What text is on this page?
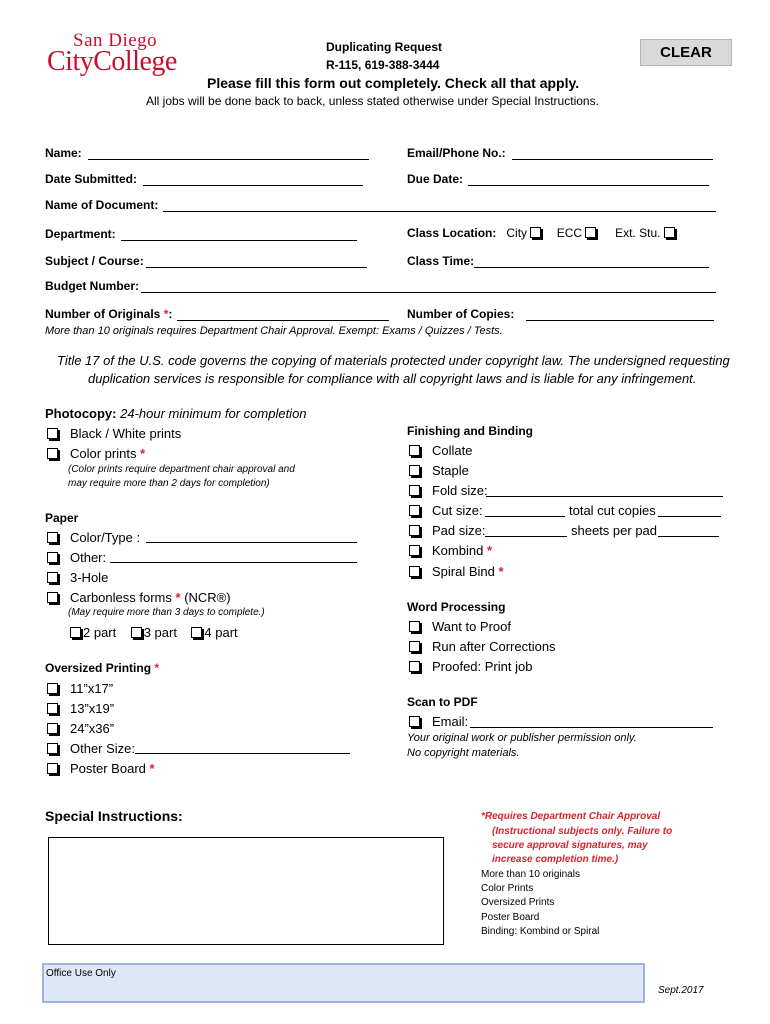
San Diego
CityCollege	Duplicating Request
R-115, 619-388-3444
Please fill this form out completely. Check all that apply.
All jobs will be done back to back, unless stated otherwise under Special Instructions.
CLEAR
Name:	Email/Phone No.:
Date Submitted:	Due Date:
Name of Document:
Department:	Class Location: City ECC	Ext. Stu.
Subject / Course:	Class Time:
Budget Number:
Number of Originals *:	Number of Copies:
More than 10 originals requires Department Chair Approval. Exempt: Exams / Quizzes / Tests.
Title 17 of the U.S. code governs the copying of materials protected under copyright law. The undersigned requesting
duplication services is responsible for compliance with all copyright laws and is liable for any infringement.
Photocopy: 24-hour minimum for completion
Black / White prints
Color prints
*
(Color prints require department chair approval and
may require more than 2 days for completion)
Paper
Color/Type :
Other:
3-Hole
Carbonless forms
*
(NCR®)
(May require more than 3 days to complete.)
2 part 3 part 4 part
Oversized Printing *
11”x17”
13”x19”
24”x36”
Other Size:
Poster Board
*
Finishing and Binding
Collate
Staple
Fold size:
Cut size:	total cut copies
Pad size:	sheets per pad
Kombind
*
Spiral Bind
*
Word Processing
Want to Proof
Run after Corrections
Proofed: Print job
Scan to PDF
Email:
Your original work or publisher permission only.
No copyright materials.
Special Instructions:	*Requires Department Chair Approval
(Instructional subjects only. Failure to
secure approval signatures, may
increase completion time.)
More than 10 originals
Color Prints
Oversized Prints
Poster Board
Binding: Kombind or Spiral
Office Use Only
Sept.2017
